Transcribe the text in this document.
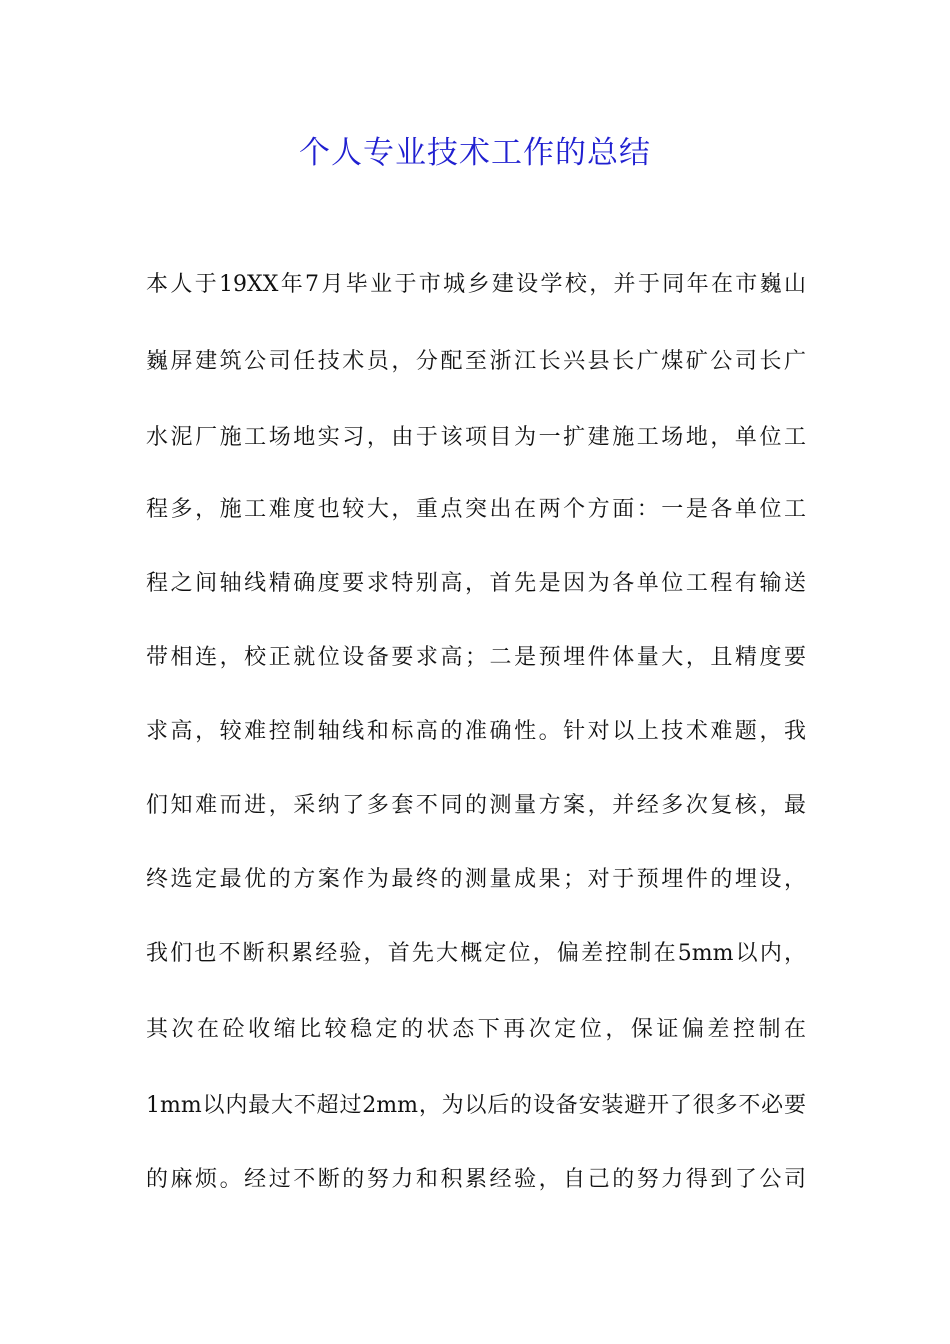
个人专业技术工作的总结
本人于19XX年7月毕业于市城乡建设学校，并于同年在市巍山
巍屏建筑公司任技术员，分配至浙江长兴县长广煤矿公司长广
水泥厂施工场地实习，由于该项目为一扩建施工场地，单位工
程多，施工难度也较大，重点突出在两个方面：一是各单位工
程之间轴线精确度要求特别高，首先是因为各单位工程有输送
带相连，校正就位设备要求高；二是预埋件体量大，且精度要
求高，较难控制轴线和标高的准确性。针对以上技术难题，我
们知难而进，采纳了多套不同的测量方案，并经多次复核，最
终选定最优的方案作为最终的测量成果；对于预埋件的埋设，
我们也不断积累经验，首先大概定位，偏差控制在5mm以内，
其次在砼收缩比较稳定的状态下再次定位，保证偏差控制在
1mm以内最大不超过2mm，为以后的设备安装避开了很多不必要
的麻烦。经过不断的努力和积累经验，自己的努力得到了公司
